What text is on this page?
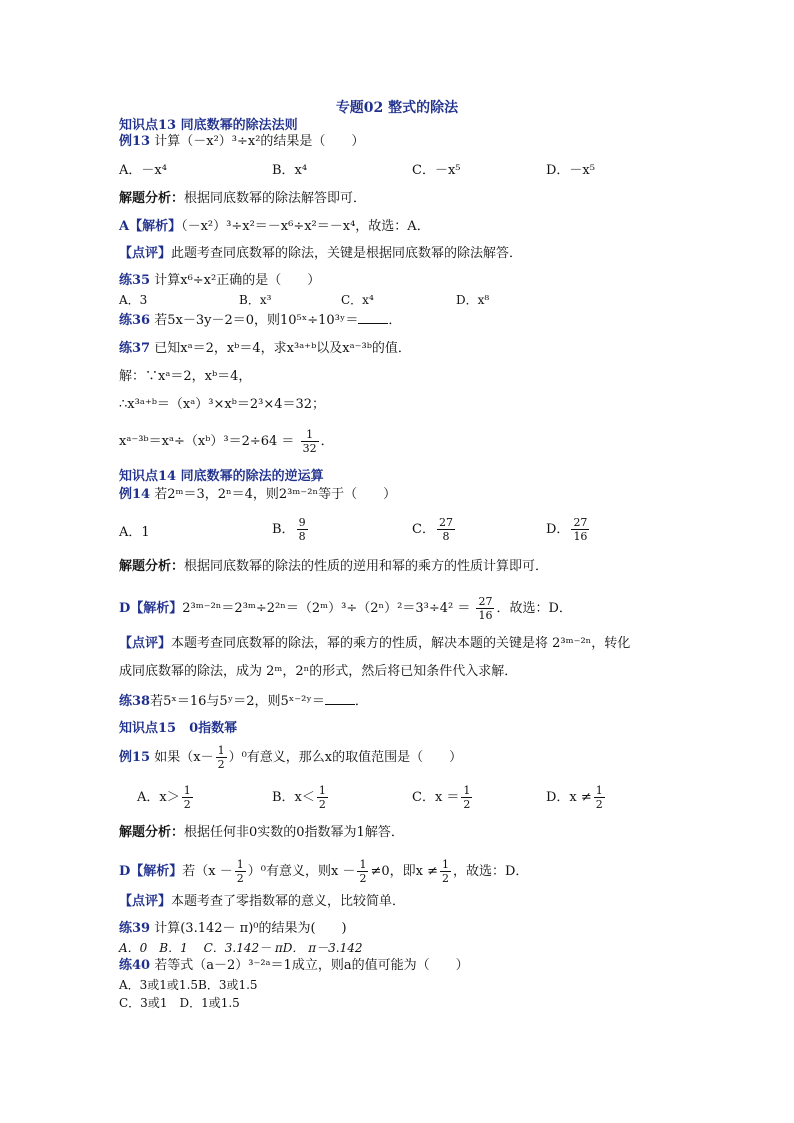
专题02 整式的除法
知识点13 同底数幂的除法法则
例13 计算（－x²）³÷x²的结果是（　　）
A．－x⁴	B．x⁴	C．－x⁵	D．－x⁵
解题分析：根据同底数幂的除法解答即可．
A【解析】（－x²）³÷x²＝－x⁶÷x²＝－x⁴，故选：A．
【点评】此题考查同底数幂的除法，关键是根据同底数幂的除法解答．
练35 计算x⁶÷x²正确的是（　　）
A．3	B．x³	C．x⁴	D．x⁸
练36 若5x－3y－2＝0，则10⁵ˣ÷10³ʸ＝ ．
练37 已知xᵃ＝2，xᵇ＝4，求x³ᵃ⁺ᵇ以及xᵃ⁻³ᵇ的值．
解：∵xᵃ＝2，xᵇ＝4，
∴x³ᵃ⁺ᵇ＝（xᵃ）³×xᵇ＝2³×4＝32；
xᵃ⁻³ᵇ＝xᵃ÷（xᵇ）³＝2÷64 ＝ $\frac{1}{32}$ ．
知识点14 同底数幂的除法的逆运算
例14 若2ᵐ＝3，2ⁿ＝4，则2³ᵐ⁻²ⁿ等于（　　）
A．1	B． $\frac{9}{8}$	C． $\frac{27}{8}$	D． $\frac{27}{16}$
解题分析：根据同底数幂的除法的性质的逆用和幂的乘方的性质计算即可．
D【解析】2³ᵐ⁻²ⁿ＝2³ᵐ÷2²ⁿ＝（2ᵐ）³÷（2ⁿ）²＝3³÷4² ＝ $\frac{27}{16}$ ．故选：D．
【点评】本题考查同底数幂的除法，幂的乘方的性质，解决本题的关键是将 2³ᵐ⁻²ⁿ，转化
成同底数幂的除法，成为 2ᵐ，2ⁿ的形式，然后将已知条件代入求解．
练38若5ˣ＝16与5ʸ＝2，则5ˣ⁻²ʸ＝ ．
知识点15　0指数幂
例15 如果$(x- \frac{1}{2} )^0$有意义，那么x的取值范围是（　　）
A．$x> \frac{1}{2}$	B．$x< \frac{1}{2}$	C．$x = \frac{1}{2}$	D．$x \ne \frac{1}{2}$
解题分析：根据任何非0实数的0指数幂为1解答．
D【解析】若$(x - \frac{1}{2} )^0$有意义，则$x - \frac{1}{2} \ne 0$，即$x \ne \frac{1}{2}$ ，故选：D．
【点评】本题考查了零指数幂的意义，比较简单．
练39 计算(3.142－ π)⁰的结果为(　　)
A．0　B．1　 C．3.142－ πD． π－3.142
练40 若等式（a－2）³⁻²ᵃ＝1成立，则a的值可能为（　　）
A．3或1或1.5B．3或1.5
C．3或1　D．1或1.5
